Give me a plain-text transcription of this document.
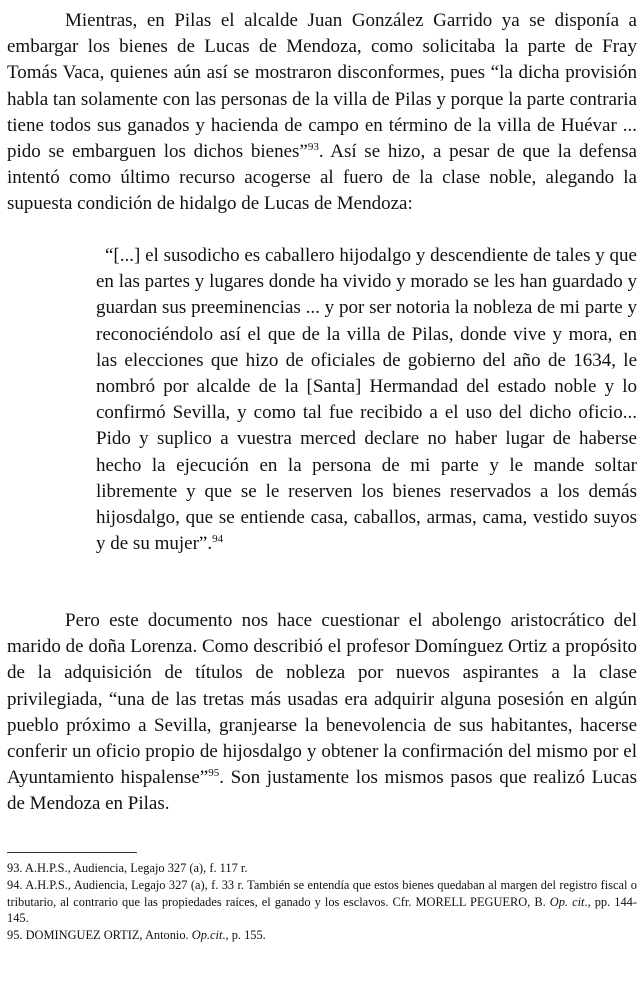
Mientras, en Pilas el alcalde Juan González Garrido ya se disponía a embargar los bienes de Lucas de Mendoza, como solicitaba la parte de Fray Tomás Vaca, quienes aún así se mostraron disconformes, pues “la dicha provisión habla tan solamente con las personas de la villa de Pilas y porque la parte contraria tiene todos sus ganados y hacienda de campo en término de la villa de Huévar ... pido se embarguen los dichos bienes”$^{93}$. Así se hizo, a pesar de que la defensa intentó como último recurso acogerse al fuero de la clase noble, alegando la supuesta condición de hidalgo de Lucas de Mendoza:

“[...] el susodicho es caballero hijodalgo y descendiente de tales y que en las partes y lugares donde ha vivido y morado se les han guardado y guardan sus preeminencias ... y por ser notoria la nobleza de mi parte y reconociéndolo así el que de la villa de Pilas, donde vive y mora, en las elecciones que hizo de oficiales de gobierno del año de 1634, le nombró por alcalde de la [Santa] Hermandad del estado noble y lo confirmó Sevilla, y como tal fue recibido a el uso del dicho oficio... Pido y suplico a vuestra merced declare no haber lugar de haberse hecho la ejecución en la persona de mi parte y le mande soltar libremente y que se le reserven los bienes reservados a los demás hijosdalgo, que se entiende casa, caballos, armas, cama, vestido suyos y de su mujer”.$^{94}$

Pero este documento nos hace cuestionar el abolengo aristocrático del marido de doña Lorenza. Como describió el profesor Domínguez Ortiz a propósito de la adquisición de títulos de nobleza por nuevos aspirantes a la clase privilegiada, “una de las tretas más usadas era adquirir alguna posesión en algún pueblo próximo a Sevilla, granjearse la benevolencia de sus habitantes, hacerse conferir un oficio propio de hijosdalgo y obtener la confirmación del mismo por el Ayuntamiento hispalense”$^{95}$. Son justamente los mismos pasos que realizó Lucas de Mendoza en Pilas.

93. A.H.P.S., Audiencia, Legajo 327 (a), f. 117 r.

94. A.H.P.S., Audiencia, Legajo 327 (a), f. 33 r. También se entendía que estos bienes quedaban al margen del registro fiscal o tributario, al contrario que las propiedades raíces, el ganado y los esclavos. Cfr. MORELL PEGUERO, B. Op. cit., pp. 144-145.

95. DOMINGUEZ ORTIZ, Antonio. Op.cit., p. 155.
